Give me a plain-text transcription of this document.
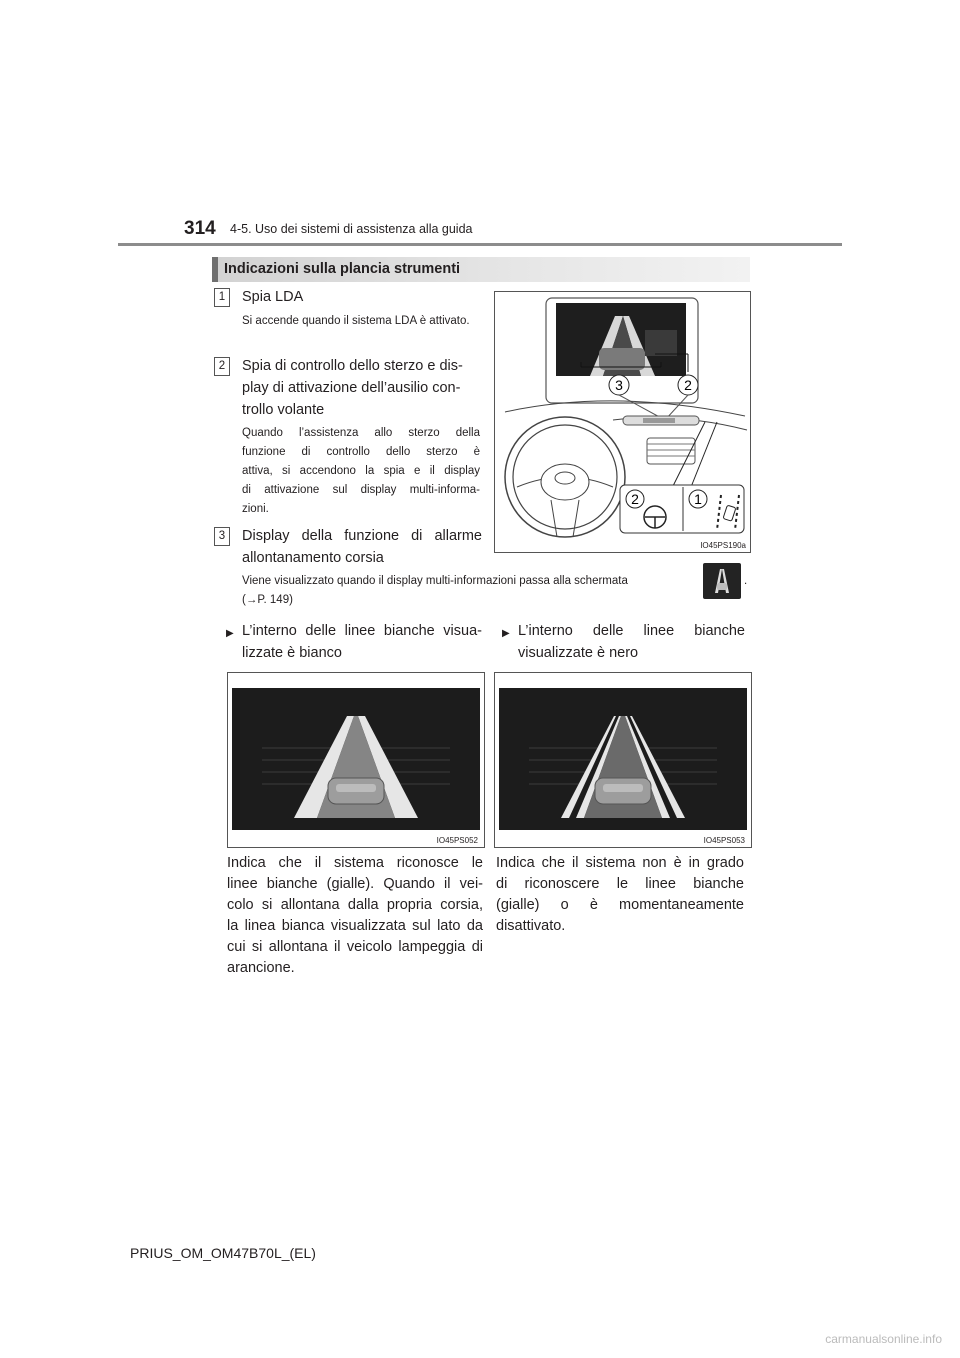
314 4-5. Uso dei sistemi di assistenza alla guida
Indicazioni sulla plancia strumenti
1	Spia LDA
Si accende quando il sistema LDA è attivato.
2	Spia di controllo dello sterzo e dis-
play di attivazione dell’ausilio con-
trollo volante
Quando l’assistenza allo sterzo della
funzione di controllo dello sterzo è
attiva, si accendono la spia e il display
di attivazione sul display multi-informa-
zioni.
3	Display della funzione di allarme
allontanamento corsia
Viene visualizzato quando il display multi-informazioni passa alla schermata	.
(→P. 149)
3	2
2	1
IO45PS190a
▶ L’interno delle linee bianche visua-
lizzate è bianco
▶ L’interno delle linee bianche
visualizzate è nero
IO45PS052	IO45PS053
Indica che il sistema riconosce le
linee bianche (gialle). Quando il vei-
colo si allontana dalla propria corsia,
la linea bianca visualizzata sul lato da
cui si allontana il veicolo lampeggia di
arancione.
Indica che il sistema non è in grado
di riconoscere le linee bianche
(gialle) o è momentaneamente
disattivato.
PRIUS_OM_OM47B70L_(EL)
carmanualsonline.info
